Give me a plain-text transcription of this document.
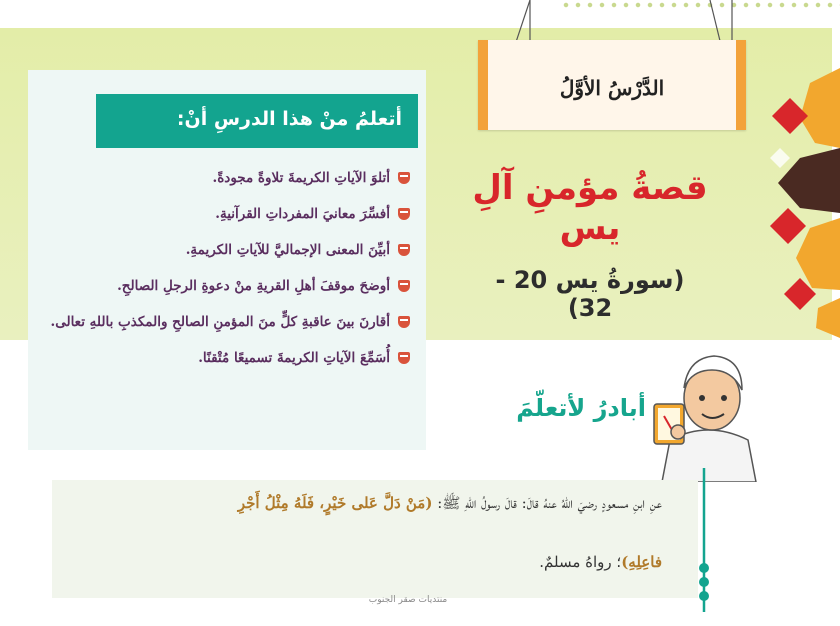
الدَّرْسُ الأوَّلُ
قصةُ مؤمنِ آلِ يس
(سورةُ يس 20 - 32)
أتعلمُ منْ هذا الدرسِ أنْ:
أتلوَ الآياتِ الكريمةَ تلاوةً مجودةً.
أفسِّرَ معانيَ المفرداتِ القرآنيةِ.
أبيِّنَ المعنى الإجماليَّ للآياتِ الكريمةِ.
أوضحَ موقفَ أهلِ القريةِ منْ دعوةِ الرجلِ الصالحِ.
أقارنَ بينَ عاقبةِ كلٍّ منَ المؤمنِ الصالحِ والمكذبِ باللهِ تعالى.
أُسَمِّعَ الآياتِ الكريمةَ تسميعًا مُتْقنًا.
أبادرُ لأتعلّمَ
عنِ ابنِ مسعودٍ رضيَ اللهُ عنهُ قالَ: قالَ رسولُ اللهِ ﷺ: (مَنْ دَلَّ عَلى خَيْرٍ، فَلَهُ مِثْلُ أَجْرِ
فاعِلِهِ)؛ رواهُ مسلمٌ.
منتديات صقر الجنوب
